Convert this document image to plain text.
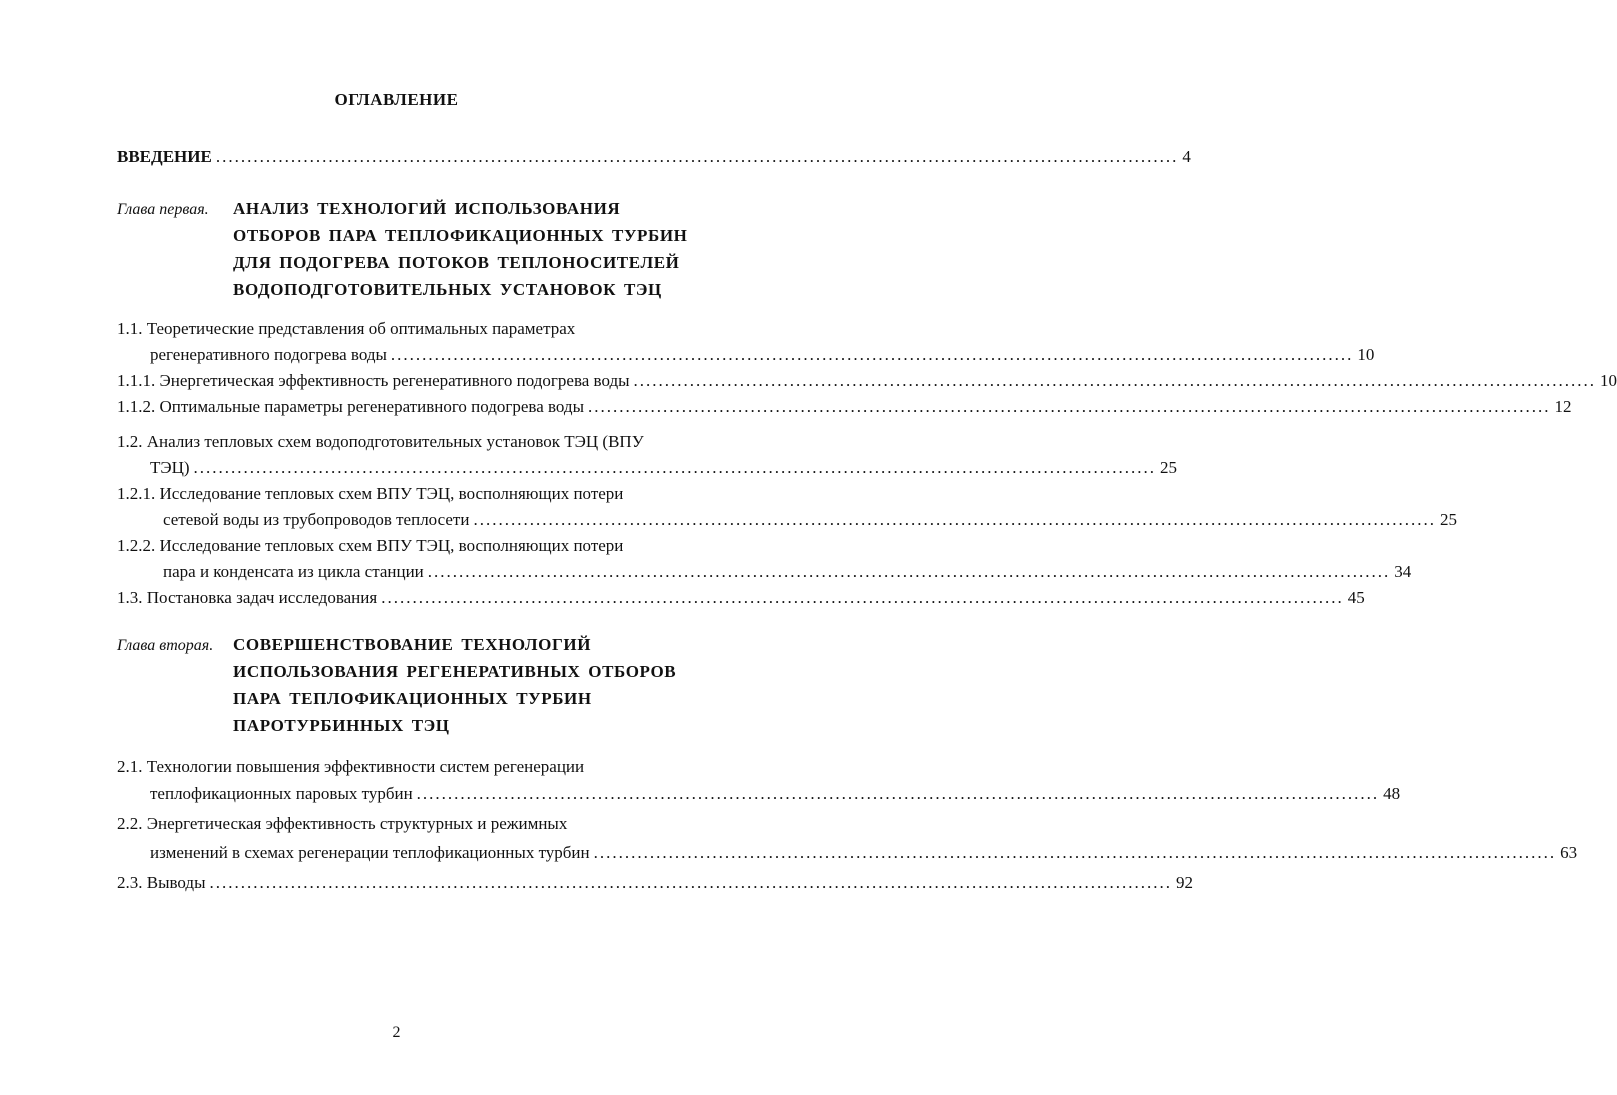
ОГЛАВЛЕНИЕ
ВВЕДЕНИЕ .......................................................................................................................................................... 4
Глава первая. АНАЛИЗ ТЕХНОЛОГИЙ ИСПОЛЬЗОВАНИЯ
ОТБОРОВ ПАРА ТЕПЛОФИКАЦИОННЫХ ТУРБИН
ДЛЯ ПОДОГРЕВА ПОТОКОВ ТЕПЛОНОСИТЕЛЕЙ
ВОДОПОДГОТОВИТЕЛЬНЫХ УСТАНОВОК ТЭЦ
1.1. Теоретические представления об оптимальных параметрах
регенеративного подогрева воды .......................................................................................................................................................... 10
1.1.1. Энергетическая эффективность регенеративного подогрева воды .......................................................................................................................................................... 10
1.1.2. Оптимальные параметры регенеративного подогрева воды .......................................................................................................................................................... 12
1.2. Анализ тепловых схем водоподготовительных установок ТЭЦ (ВПУ
ТЭЦ) .......................................................................................................................................................... 25
1.2.1. Исследование тепловых схем ВПУ ТЭЦ, восполняющих потери
сетевой воды из трубопроводов теплосети .......................................................................................................................................................... 25
1.2.2. Исследование тепловых схем ВПУ ТЭЦ, восполняющих потери
пара и конденсата из цикла станции .......................................................................................................................................................... 34
1.3. Постановка задач исследования .......................................................................................................................................................... 45
Глава вторая. СОВЕРШЕНСТВОВАНИЕ ТЕХНОЛОГИЙ
ИСПОЛЬЗОВАНИЯ РЕГЕНЕРАТИВНЫХ ОТБОРОВ
ПАРА ТЕПЛОФИКАЦИОННЫХ ТУРБИН
ПАРОТУРБИННЫХ ТЭЦ
2.1. Технологии повышения эффективности систем регенерации
теплофикационных паровых турбин .......................................................................................................................................................... 48
2.2. Энергетическая эффективность структурных и режимных
изменений в схемах регенерации теплофикационных турбин .......................................................................................................................................................... 63
2.3. Выводы .......................................................................................................................................................... 92
2
